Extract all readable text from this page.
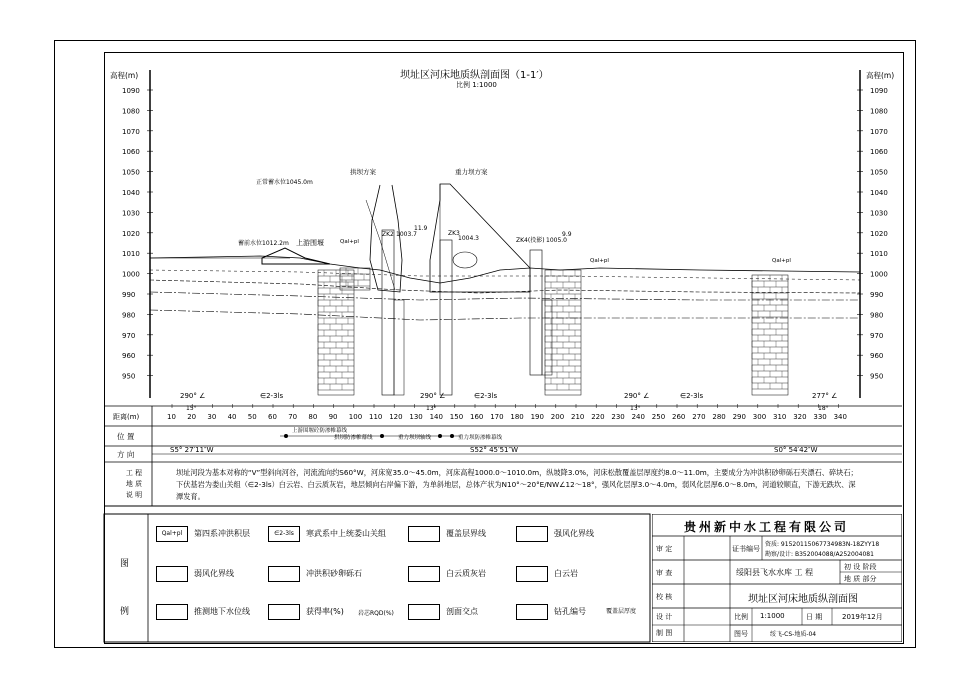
坝址区河床地质纵剖面图（1-1′）
比例 1:1000
1090
1080
1070
1060
1050
1040
1030
1020
1010
1000
990
980
970
960
950
1090
1080
1070
1060
1050
1040
1030
1020
1010
1000
990
980
970
960
950
高程(m)	高程(m)
上游围堰
蓄前水位1012.2m
正常蓄水位1045.0m
拱坝方案	重力坝方案
ZK2 1003.7
11.9
ZK3
1004.3	ZK4(投影) 1005.0
9.9
Qal+pl
Qal+pl	Qal+pl
290° ∠
15°
∈2-3ls	290° ∠
13°
∈2-3ls	290° ∠
13°
∈2-3ls	277° ∠
18°
10 20 30 40 50 60 70 80 90 100 110 120 130 140 150 160 170 180 190 200 210 220 230 240 250 260 270 280 290 300 310 320 330 340
距离(m)
位 置
方 向
上游围堰砼防渗帷幕线
拱坝防渗帷幕线	重力坝坝轴线	重力坝防渗帷幕线
S5° 27′11″W	S52° 45′51″W	S0° 54′42″W
工 程 地 质 说 明
坝址河段为基本对称的“V”型斜向河谷，河流流向约S60°W，河床宽35.0～45.0m，河床高程1000.0～1010.0m，纵坡降3.0%，河床松散覆盖层厚度约8.0～11.0m，主要成分为冲洪积砂卵砾石夹漂石、碎块石；下伏基岩为娄山关组（∈2-3ls）白云岩、白云质灰岩，地层倾向右岸偏下游，为单斜地层，总体产状为N10°～20°E/NW∠12～18°，强风化层厚3.0～4.0m，弱风化层厚6.0～8.0m，河道较顺直，下游无跌坎、深潭发育。
图例
Qal+pl	第四系冲洪积层	∈2-3ls	寒武系中上统娄山关组	覆盖层界线	强风化界线
弱风化界线	冲洪积砂卵砾石	白云质灰岩	白云岩
推测地下水位线	获得率(%)	剖面交点	钻孔编号
岩芯RQD(%)	覆盖层厚度
贵州新中水工程有限公司
审 定	证书编号
资质: 91520115067734983N-18ZYY18
勘察/设计: B352004088/A252004081
审 查	绥阳县飞水水库 工 程
初 设 阶段
地 质 部分
校 核	坝址区河床地质纵剖面图
设 计
制 图
比例 1:1000	日 期	2019年12月
图号	绥飞-CS-地质-04
